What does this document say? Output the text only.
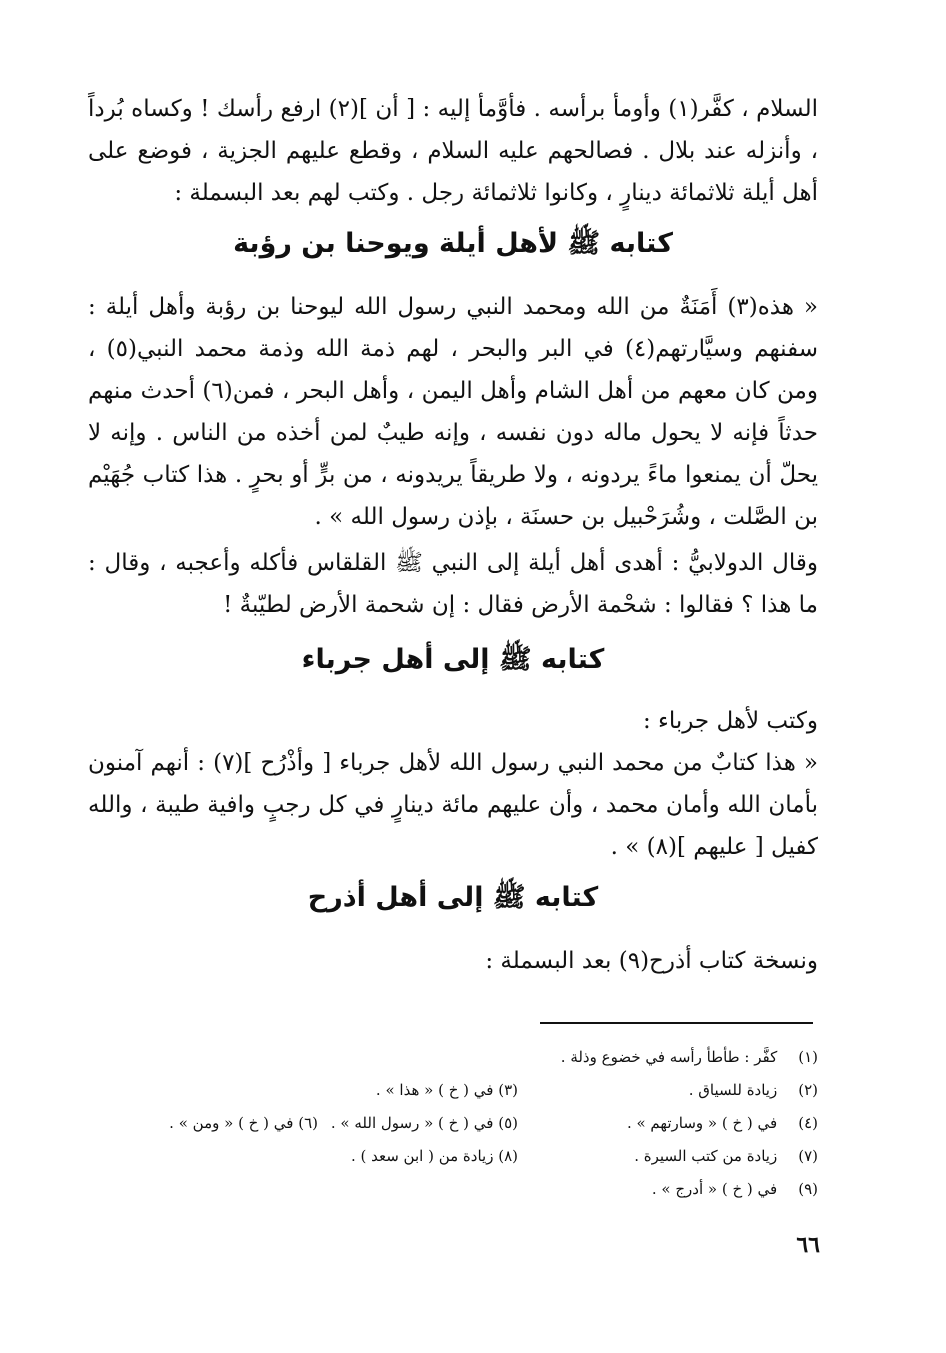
السلام ، كفَّر(١) وأومأ برأسه . فأوَّمأ إليه : [ أن ](٢) ارفع رأسك ! وكساه بُرداً ، وأنزله عند بلال . فصالحهم عليه السلام ، وقطع عليهم الجزية ، فوضع على أهل أيلة ثلاثمائة دينارٍ ، وكانوا ثلاثمائة رجل . وكتب لهم بعد البسملة :
كتابه ﷺ لأهل أيلة ويوحنا بن رؤبة
« هذه(٣) أَمَنَةٌ من الله ومحمد النبي رسول الله ليوحنا بن رؤبة وأهل أيلة : سفنهم وسيَّارتهم(٤) في البر والبحر ، لهم ذمة الله وذمة محمد النبي(٥) ، ومن كان معهم من أهل الشام وأهل اليمن ، وأهل البحر ، فمن(٦) أحدث منهم حدثاً فإنه لا يحول ماله دون نفسه ، وإنه طيبٌ لمن أخذه من الناس . وإنه لا يحلّ أن يمنعوا ماءً يردونه ، ولا طريقاً يريدونه ، من برٍّ أو بحرٍ . هذا كتاب جُهَيْم بن الصَّلت ، وشُرَحْبيل بن حسنَة ، بإذن رسول الله » .
وقال الدولابيُّ : أهدى أهل أيلة إلى النبي ﷺ القلقاس فأكله وأعجبه ، وقال : ما هذا ؟ فقالوا : شحْمة الأرض فقال : إن شحمة الأرض لطيّبةٌ !
كتابه ﷺ إلى أهل جرباء
وكتب لأهل جرباء :
« هذا كتابٌ من محمد النبي رسول الله لأهل جرباء [ وأذْرُح ](٧) : أنهم آمنون بأمان الله وأمان محمد ، وأن عليهم مائة دينارٍ في كل رجبٍ وافية طيبة ، والله كفيل [ عليهم ](٨) » .
كتابه ﷺ إلى أهل أذرح
ونسخة كتاب أذرح(٩) بعد البسملة :
(١) كفَّر : طأطأ رأسه في خضوع وذلة .
(٢) زيادة للسياق .
(٣) في ( خ ) « هذا » .
(٤) في ( خ ) « وسارتهم » .
(٥) في ( خ ) « رسول الله » .
(٦) في ( خ ) « ومن » .
(٧) زيادة من كتب السيرة .
(٨) زيادة من ( ابن سعد ) .
(٩) في ( خ ) « أدرج » .
٦٦
